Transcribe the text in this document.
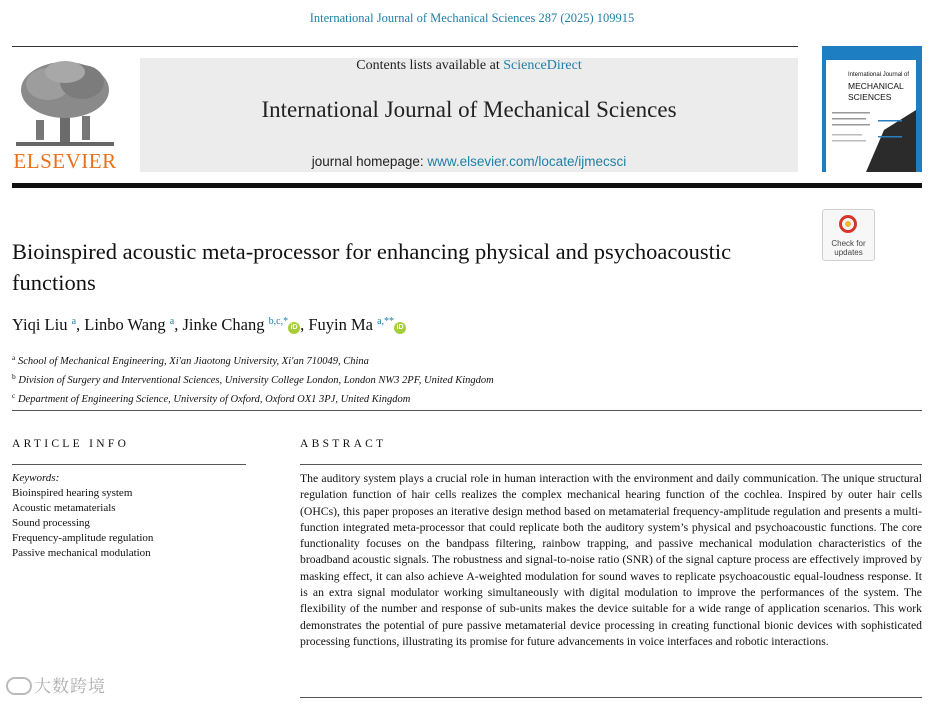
International Journal of Mechanical Sciences 287 (2025) 109915
ELSEVIER
Contents lists available at ScienceDirect
International Journal of Mechanical Sciences
journal homepage: www.elsevier.com/locate/ijmecsci
International Journal of
MECHANICAL
SCIENCES
Check for
updates
Bioinspired acoustic meta-processor for enhancing physical and psychoacoustic functions
Yiqi Liu $^a$, Linbo Wang $^a$, Jinke Chang $^{b,c,*}$iD , Fuyin Ma $^{a,**}$iD
$^a$ School of Mechanical Engineering, Xi'an Jiaotong University, Xi'an 710049, China
$^b$ Division of Surgery and Interventional Sciences, University College London, London NW3 2PF, United Kingdom
$^c$ Department of Engineering Science, University of Oxford, Oxford OX1 3PJ, United Kingdom
ARTICLE INFO
Keywords:
Bioinspired hearing system
Acoustic metamaterials
Sound processing
Frequency-amplitude regulation
Passive mechanical modulation
ABSTRACT
The auditory system plays a crucial role in human interaction with the environment and daily communication. The unique structural regulation function of hair cells realizes the complex mechanical hearing function of the cochlea. Inspired by outer hair cells (OHCs), this paper proposes an iterative design method based on metamaterial frequency-amplitude regulation and presents a multi-function integrated meta-processor that could replicate both the auditory system’s physical and psychoacoustic functions. The core functionality focuses on the bandpass filtering, rainbow trapping, and passive mechanical modulation characteristics of the broadband acoustic signals. The robustness and signal-to-noise ratio (SNR) of the signal capture process are effectively improved by masking effect, it can also achieve A-weighted modulation for sound waves to replicate psychoacoustic equal-loudness response. It is an extra signal modulator working simultaneously with digital modulation to improve the performances of the system. The flexibility of the number and response of sub-units makes the device suitable for a wide range of application scenarios. This work demonstrates the potential of pure passive metamaterial device processing in creating functional bionic devices with sophisticated processing functions, illustrating its promise for future advancements in voice interfaces and robotic interactions.
大数跨境
